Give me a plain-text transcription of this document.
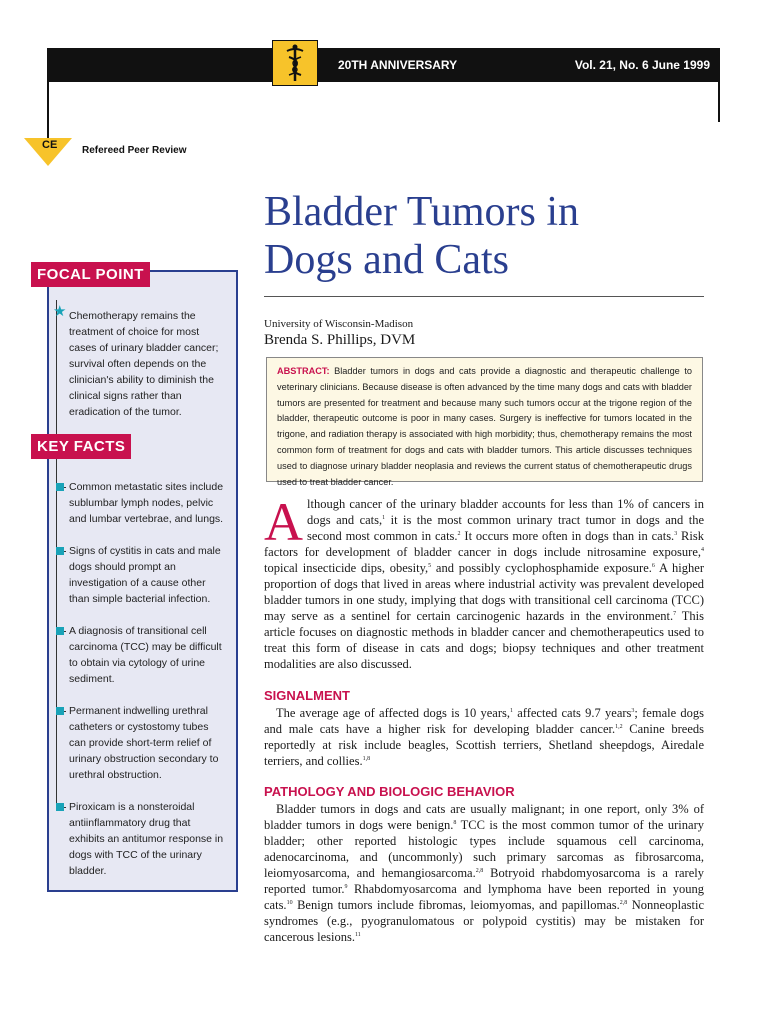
20TH ANNIVERSARY	Vol. 21, No. 6 June 1999
CE Refereed Peer Review
Bladder Tumors in
Dogs and Cats
University of Wisconsin-Madison
Brenda S. Phillips, DVM
ABSTRACT: Bladder tumors in dogs and cats provide a diagnostic and therapeutic challenge to veterinary clinicians. Because disease is often advanced by the time many dogs and cats with bladder tumors are presented for treatment and because many such tumors occur at the trigone region of the bladder, therapeutic outcome is poor in many cases. Surgery is ineffective for tumors located in the trigone, and radiation therapy is associated with high morbidity; thus, chemotherapy remains the most common form of treatment for dogs and cats with bladder tumors. This article discusses techniques used to diagnose urinary bladder neoplasia and reviews the current status of chemotherapeutic drugs used to treat bladder cancer.

Although cancer of the urinary bladder accounts for less than 1% of cancers in dogs and cats,$^1$ it is the most common urinary tract tumor in dogs and the second most common in cats.$^2$ It occurs more often in dogs than in cats.$^3$ Risk factors for development of bladder cancer in dogs include nitrosamine exposure,$^4$ topical insecticide dips, obesity,$^5$ and possibly cyclophosphamide exposure.$^6$ A higher proportion of dogs that lived in areas where industrial activity was prevalent developed bladder tumors in one study, implying that dogs with transitional cell carcinoma (TCC) may serve as a sentinel for certain carcinogenic hazards in the environment.$^7$ This article focuses on diagnostic methods in bladder cancer and chemotherapeutics used to treat this form of disease in cats and dogs; biopsy techniques and other treatment modalities are also discussed.

SIGNALMENT

The average age of affected dogs is 10 years,$^1$ affected cats 9.7 years$^3$; female dogs and male cats have a higher risk for developing bladder cancer.$^{1,2}$ Canine breeds reportedly at risk include beagles, Scottish terriers, Shetland sheepdogs, Airedale terriers, and collies.$^{1,8}$

PATHOLOGY AND BIOLOGIC BEHAVIOR

Bladder tumors in dogs and cats are usually malignant; in one report, only 3% of bladder tumors in dogs were benign.$^8$ TCC is the most common tumor of the urinary bladder; other reported histologic types include squamous cell carcinoma, adenocarcinoma, and (uncommonly) such primary sarcomas as fibrosarcoma, leiomyosarcoma, and hemangiosarcoma.$^{2,8}$ Botryoid rhabdomyosarcoma is a rarely reported tumor.$^9$ Rhabdomyosarcoma and lymphoma have been reported in young cats.$^{10}$ Benign tumors include fibromas, leiomyomas, and papillomas.$^{2,8}$ Nonneoplastic syndromes (e.g., pyogranulomatous or polypoid cystitis) may be mistaken for cancerous lesions.$^{11}$

FOCAL POINT
★ Chemotherapy remains the treatment of choice for most cases of urinary bladder cancer; survival often depends on the clinician's ability to diminish the clinical signs rather than eradication of the tumor.
KEY FACTS
Common metastatic sites include sublumbar lymph nodes, pelvic and lumbar vertebrae, and lungs.
Signs of cystitis in cats and male dogs should prompt an investigation of a cause other than simple bacterial infection.
A diagnosis of transitional cell carcinoma (TCC) may be difficult to obtain via cytology of urine sediment.
Permanent indwelling urethral catheters or cystostomy tubes can provide short-term relief of urinary obstruction secondary to urethral obstruction.
Piroxicam is a nonsteroidal antiinflammatory drug that exhibits an antitumor response in dogs with TCC of the urinary bladder.
